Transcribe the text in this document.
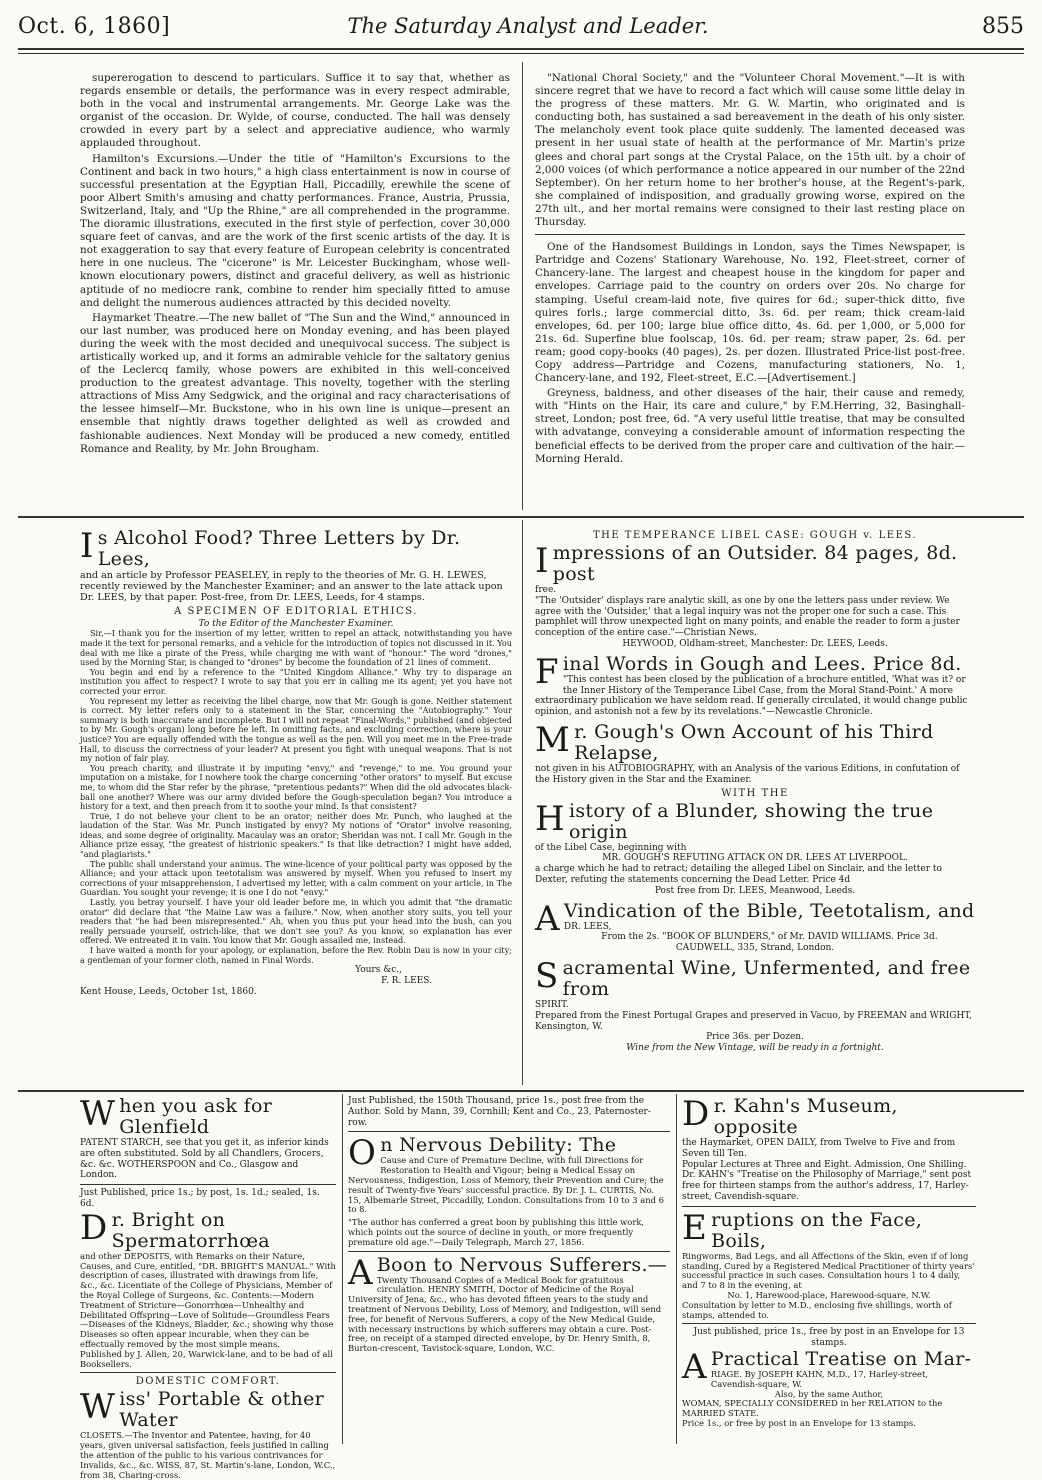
Oct. 6, 1860]	The Saturday Analyst and Leader.	855

supererogation to descend to particulars. Suffice it to say that, whether as regards ensemble or details, the performance was in every respect admirable, both in the vocal and instrumental arrangements. Mr. George Lake was the organist of the occasion. Dr. Wylde, of course, conducted. The hall was densely crowded in every part by a select and appreciative audience, who warmly applauded throughout.

Hamilton's Excursions.—Under the title of "Hamilton's Excursions to the Continent and back in two hours," a high class entertainment is now in course of successful presentation at the Egyptian Hall, Piccadilly, erewhile the scene of poor Albert Smith's amusing and chatty performances. France, Austria, Prussia, Switzerland, Italy, and "Up the Rhine," are all comprehended in the programme. The dioramic illustrations, executed in the first style of perfection, cover 30,000 square feet of canvas, and are the work of the first scenic artists of the day. It is not exaggeration to say that every feature of European celebrity is concentrated here in one nucleus. The "cicerone" is Mr. Leicester Buckingham, whose well-known elocutionary powers, distinct and graceful delivery, as well as histrionic aptitude of no mediocre rank, combine to render him specially fitted to amuse and delight the numerous audiences attracted by this decided novelty.

Haymarket Theatre.—The new ballet of "The Sun and the Wind," announced in our last number, was produced here on Monday evening, and has been played during the week with the most decided and unequivocal success. The subject is artistically worked up, and it forms an admirable vehicle for the saltatory genius of the Leclercq family, whose powers are exhibited in this well-conceived production to the greatest advantage. This novelty, together with the sterling attractions of Miss Amy Sedgwick, and the original and racy characterisations of the lessee himself—Mr. Buckstone, who in his own line is unique—present an ensemble that nightly draws together delighted as well as crowded and fashionable audiences. Next Monday will be produced a new comedy, entitled Romance and Reality, by Mr. John Brougham.

"National Choral Society," and the "Volunteer Choral Movement."—It is with sincere regret that we have to record a fact which will cause some little delay in the progress of these matters. Mr. G. W. Martin, who originated and is conducting both, has sustained a sad bereavement in the death of his only sister. The melancholy event took place quite suddenly. The lamented deceased was present in her usual state of health at the performance of Mr. Martin's prize glees and choral part songs at the Crystal Palace, on the 15th ult. by a choir of 2,000 voices (of which performance a notice appeared in our number of the 22nd September). On her return home to her brother's house, at the Regent's-park, she complained of indisposition, and gradually growing worse, expired on the 27th ult., and her mortal remains were consigned to their last resting place on Thursday.

One of the Handsomest Buildings in London, says the Times Newspaper, is Partridge and Cozens' Stationary Warehouse, No. 192, Fleet-street, corner of Chancery-lane. The largest and cheapest house in the kingdom for paper and envelopes. Carriage paid to the country on orders over 20s. No charge for stamping. Useful cream-laid note, five quires for 6d.; super-thick ditto, five quires forls.; large commercial ditto, 3s. 6d. per ream; thick cream-laid envelopes, 6d. per 100; large blue office ditto, 4s. 6d. per 1,000, or 5,000 for 21s. 6d. Superfine blue foolscap, 10s. 6d. per ream; straw paper, 2s. 6d. per ream; good copy-books (40 pages), 2s. per dozen. Illustrated Price-list post-free. Copy address—Partridge and Cozens, manufacturing stationers, No. 1, Chancery-lane, and 192, Fleet-street, E.C.—[Advertisement.]

Greyness, baldness, and other diseases of the hair, their cause and remedy, with "Hints on the Hair, its care and culure," by F.M.Herring, 32, Basinghall-street, London; post free, 6d. "A very useful little treatise, that may be consulted with advatange, conveying a considerable amount of information respecting the beneficial effects to be derived from the proper care and cultivation of the hair.—Morning Herald.

Is Alcohol Food? Three Letters by Dr. Lees,

and an article by Professor PEASELEY, in reply to the theories of Mr. G. H. LEWES, recently reviewed by the Manchester Examiner; and an answer to the late attack upon Dr. LEES, by that paper. Post-free, from Dr. LEES, Leeds, for 4 stamps.

A SPECIMEN OF EDITORIAL ETHICS.

To the Editor of the Manchester Examiner.

Sir,—I thank you for the insertion of my letter, written to repel an attack, notwithstanding you have made it the text for personal remarks, and a vehicle for the introduction of topics not discussed in it. You deal with me like a pirate of the Press, while charging me with want of "honour." The word "drones," used by the Morning Star, is changed to "drones" by become the foundation of 21 lines of comment.

You begin and end by a reference to the "United Kingdom Alliance." Why try to disparage an institution you affect to respect? I wrote to say that you err in calling me its agent; yet you have not corrected your error.

You represent my letter as receiving the libel charge, now that Mr. Gough is gone. Neither statement is correct. My letter refers only to a statement in the Star, concerning the "Autobiography." Your summary is both inaccurate and incomplete. But I will not repeat "Final-Words," published (and objected to by Mr. Gough's organ) long before he left. In omitting facts, and excluding correction, where is your justice? You are equally offended with the tongue as well as the pen. Will you meet me in the Free-trade Hall, to discuss the correctness of your leader? At present you fight with unequal weapons. That is not my notion of fair play.

You preach charity, and illustrate it by imputing "envy," and "revenge," to me. You ground your imputation on a mistake, for I nowhere took the charge concerning "other orators" to myself. But excuse me, to whom did the Star refer by the phrase, "pretentious pedants?" When did the old advocates black-ball one another? Where was our army divided before the Gough-speculation began? You introduce a history for a text, and then preach from it to soothe your mind. Is that consistent?

True, I do not believe your client to be an orator; neither does Mr. Punch, who laughed at the laudation of the Star. Was Mr. Punch instigated by envy? My notions of "Orator" involve reasoning, ideas, and some degree of originality. Macaulay was an orator; Sheridan was not. I call Mr. Gough in the Alliance prize essay, "the greatest of histrionic speakers." Is that like detraction? I might have added, "and plagiarists."

The public shall understand your animus. The wine-licence of your political party was opposed by the Alliance; and your attack upon teetotalism was answered by myself. When you refused to insert my corrections of your misapprehension, I advertised my letter, with a calm comment on your article, in The Guardian. You sought your revenge; it is one I do not "envy."

Lastly, you betray yourself. I have your old leader before me, in which you admit that "the dramatic orator" did declare that "the Maine Law was a failure." Now, when another story suits, you tell your readers that "he had been misrepresented." Ah, when you thus put your head into the bush, can you really persuade yourself, ostrich-like, that we don't see you? As you know, so explanation has ever offered. We entreated it in vain. You know that Mr. Gough assailed me, instead.

I have waited a month for your apology, or explanation, before the Rev. Robin Dau is now in your city; a gentleman of your former cloth, named in Final Words.

Yours &c.,

F. R. LEES.

Kent House, Leeds, October 1st, 1860.

THE TEMPERANCE LIBEL CASE: GOUGH v. LEES.

Impressions of an Outsider. 84 pages, 8d. post

free.

"The 'Outsider' displays rare analytic skill, as one by one the letters pass under review. We agree with the 'Outsider,' that a legal inquiry was not the proper one for such a case. This pamphlet will throw unexpected light on many points, and enable the reader to form a juster conception of the entire case."—Christian News.

HEYWOOD, Oldham-street, Manchester: Dr. LEES, Leeds.

Final Words in Gough and Lees. Price 8d.

"This contest has been closed by the publication of a brochure entitled, 'What was it? or the Inner History of the Temperance Libel Case, from the Moral Stand-Point.' A more extraordinary publication we have seldom read. If generally circulated, it would change public opinion, and astonish not a few by its revelations."—Newcastle Chronicle.

Mr. Gough's Own Account of his Third Relapse,

not given in his AUTOBIOGRAPHY, with an Analysis of the various Editions, in confutation of the History given in the Star and the Examiner.

WITH THE

History of a Blunder, showing the true origin

of the Libel Case, beginning with

MR. GOUGH'S REFUTING ATTACK ON DR. LEES AT LIVERPOOL.

a charge which he had to retract; detailing the alleged Libel on Sinclair, and the letter to Dexter, refuting the statements concerning the Dead Letter. Price 4d

Post free from Dr. LEES, Meanwood, Leeds.

A Vindication of the Bible, Teetotalism, and

DR. LEES,

From the 2s. "BOOK OF BLUNDERS," of Mr. DAVID WILLIAMS. Price 3d.

CAUDWELL, 335, Strand, London.

Sacramental Wine, Unfermented, and free from

SPIRIT.

Prepared from the Finest Portugal Grapes and preserved in Vacuo, by FREEMAN and WRIGHT, Kensington, W.

Price 36s. per Dozen.

Wine from the New Vintage, will be ready in a fortnight.

When you ask for Glenfield

PATENT STARCH, see that you get it, as inferior kinds are often substituted. Sold by all Chandlers, Grocers, &c. &c. WOTHERSPOON and Co., Glasgow and London.

Just Published, price 1s.; by post, 1s. 1d.; sealed, 1s. 6d.

Dr. Bright on Spermatorrhœa

and other DEPOSITS, with Remarks on their Nature, Causes, and Cure, entitled, "DR. BRIGHT'S MANUAL." With description of cases, illustrated with drawings from life, &c., &c. Licentiate of the College of Physicians, Member of the Royal College of Surgeons, &c. Contents:—Modern Treatment of Stricture—Gonorrhœa—Unhealthy and Debilitated Offspring—Love of Solitude—Groundless Fears—Diseases of the Kidneys, Bladder, &c.; showing why those Diseases so often appear incurable, when they can be effectually removed by the most simple means.

Published by J. Allen, 20, Warwick-lane, and to be had of all Booksellers.

DOMESTIC COMFORT.

Wiss' Portable & other Water

CLOSETS.—The Inventor and Patentee, having, for 40 years, given universal satisfaction, feels justified in calling the attention of the public to his various contrivances for Invalids, &c., &c. WISS, 87, St. Martin's-lane, London, W.C., from 38, Charing-cross.

Just Published, the 150th Thousand, price 1s., post free from the Author. Sold by Mann, 39, Cornhill; Kent and Co., 23, Paternoster-row.

On Nervous Debility: The

Cause and Cure of Premature Decline, with full Directions for Restoration to Health and Vigour; being a Medical Essay on Nervousness, Indigestion, Loss of Memory, their Prevention and Cure; the result of Twenty-five Years' successful practice. By Dr. J. L. CURTIS, No. 15, Albemarle Street, Piccadilly, London. Consultations from 10 to 3 and 6 to 8.

"The author has conferred a great boon by publishing this little work, which points out the source of decline in youth, or more frequently premature old age."—Daily Telegraph, March 27, 1856.

A Boon to Nervous Sufferers.—

Twenty Thousand Copies of a Medical Book for gratuitous circulation. HENRY SMITH, Doctor of Medicine of the Royal University of Jena, &c., who has devoted fifteen years to the study and treatment of Nervous Debility, Loss of Memory, and Indigestion, will send free, for benefit of Nervous Sufferers, a copy of the New Medical Guide, with necessary instructions by which sufferers may obtain a cure. Post-free, on receipt of a stamped directed envelope, by Dr. Henry Smith, 8, Burton-crescent, Tavistock-square, London, W.C.

Dr. Kahn's Museum, opposite

the Haymarket, OPEN DAILY, from Twelve to Five and from Seven till Ten.

Popular Lectures at Three and Eight. Admission, One Shilling.

Dr. KAHN's "Treatise on the Philosophy of Marriage," sent post free for thirteen stamps from the author's address, 17, Harley-street, Cavendish-square.

Eruptions on the Face, Boils,

Ringworms, Bad Legs, and all Affections of the Skin, even if of long standing, Cured by a Registered Medical Practitioner of thirty years' successful practice in such cases. Consultation hours 1 to 4 daily, and 7 to 8 in the evening, at

No. 1, Harewood-place, Harewood-square, N.W.

Consultation by letter to M.D., enclosing five shillings, worth of stamps, attended to.

Just published, price 1s., free by post in an Envelope for 13 stamps.

A Practical Treatise on Mar-

RIAGE. By JOSEPH KAHN, M.D., 17, Harley-street, Cavendish-square, W.

Also, by the same Author,

WOMAN, SPECIALLY CONSIDERED in her RELATION to the MARRIED STATE.

Price 1s., or free by post in an Envelope for 13 stamps.
